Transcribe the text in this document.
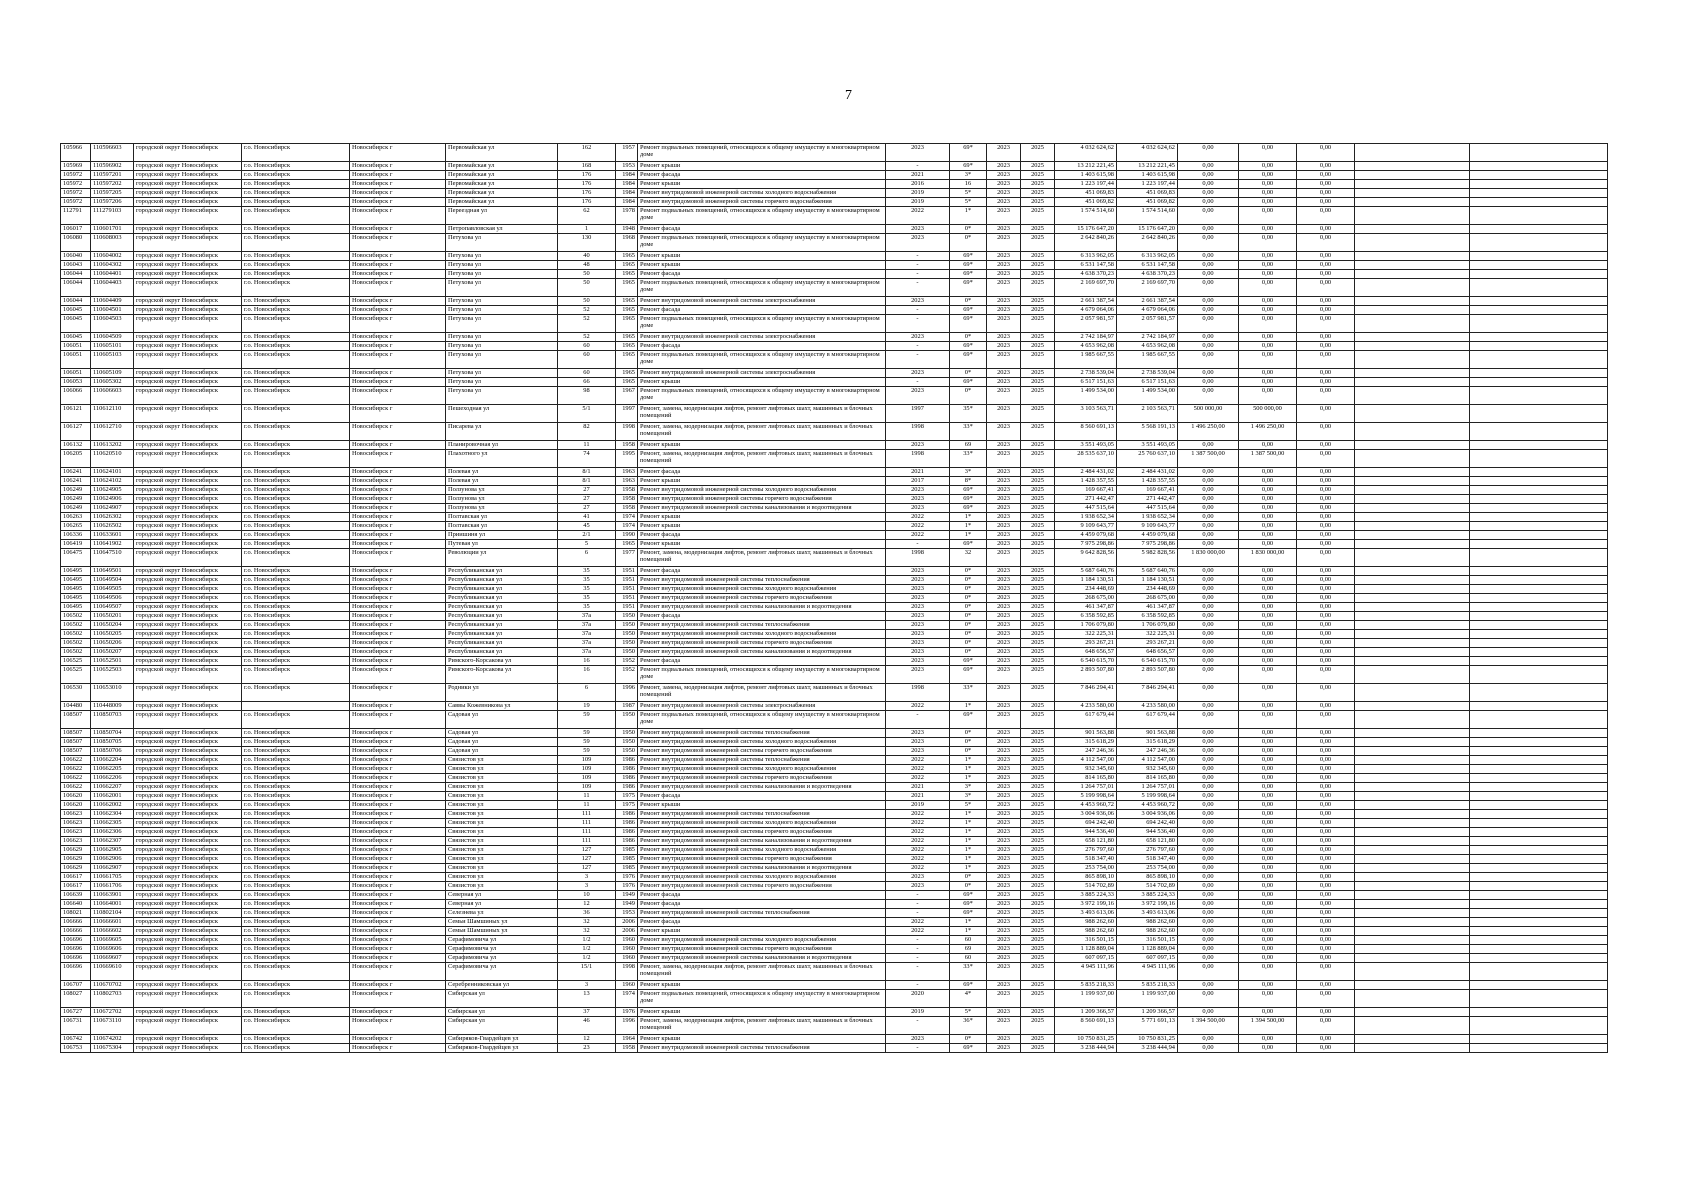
7
105966	110596603	городской округ Новосибирск	г.о. Новосибирск	Новосибирск г	Первомайская ул	162	1957	Ремонт подвальных помещений, относящихся к общему имуществу в многоквартирном доме	2023	69*	2023	2025	4 032 624,62	4 032 624,62	0,00	0,00	0,00		
105969	110596902	городской округ Новосибирск	г.о. Новосибирск	Новосибирск г	Первомайская ул	168	1953	Ремонт крыши	-	69*	2023	2025	13 212 221,45	13 212 221,45	0,00	0,00	0,00		
105972	110597201	городской округ Новосибирск	г.о. Новосибирск	Новосибирск г	Первомайская ул	176	1984	Ремонт фасада	2021	3*	2023	2025	1 403 615,98	1 403 615,98	0,00	0,00	0,00		
105972	110597202	городской округ Новосибирск	г.о. Новосибирск	Новосибирск г	Первомайская ул	176	1984	Ремонт крыши	2016	16	2023	2025	1 223 197,44	1 223 197,44	0,00	0,00	0,00		
105972	110597205	городской округ Новосибирск	г.о. Новосибирск	Новосибирск г	Первомайская ул	176	1984	Ремонт внутридомовой инженерной системы холодного водоснабжения	2019	5*	2023	2025	451 069,83	451 069,83	0,00	0,00	0,00		
105972	110597206	городской округ Новосибирск	г.о. Новосибирск	Новосибирск г	Первомайская ул	176	1984	Ремонт внутридомовой инженерной системы горячего водоснабжения	2019	5*	2023	2025	451 069,82	451 069,82	0,00	0,00	0,00		
112791	111279103	городской округ Новосибирск	г.о. Новосибирск	Новосибирск г	Переездная ул	62	1978	Ремонт подвальных помещений, относящихся к общему имуществу в многоквартирном доме	2022	1*	2023	2025	1 574 514,60	1 574 514,60	0,00	0,00	0,00		
106017	110601701	городской округ Новосибирск	г.о. Новосибирск	Новосибирск г	Петропавловская ул	1	1948	Ремонт фасада	2023	0*	2023	2025	15 176 647,20	15 176 647,20	0,00	0,00	0,00		
106080	110608003	городской округ Новосибирск	г.о. Новосибирск	Новосибирск г	Петухова ул	130	1968	Ремонт подвальных помещений, относящихся к общему имуществу в многоквартирном доме	2023	0*	2023	2025	2 642 840,26	2 642 840,26	0,00	0,00	0,00		
106040	110604002	городской округ Новосибирск	г.о. Новосибирск	Новосибирск г	Петухова ул	40	1965	Ремонт крыши	-	69*	2023	2025	6 313 962,05	6 313 962,05	0,00	0,00	0,00		
106043	110604302	городской округ Новосибирск	г.о. Новосибирск	Новосибирск г	Петухова ул	48	1965	Ремонт крыши	-	69*	2023	2025	6 531 147,58	6 531 147,58	0,00	0,00	0,00		
106044	110604401	городской округ Новосибирск	г.о. Новосибирск	Новосибирск г	Петухова ул	50	1965	Ремонт фасада	-	69*	2023	2025	4 638 370,23	4 638 370,23	0,00	0,00	0,00		
106044	110604403	городской округ Новосибирск	г.о. Новосибирск	Новосибирск г	Петухова ул	50	1965	Ремонт подвальных помещений, относящихся к общему имуществу в многоквартирном доме	-	69*	2023	2025	2 169 697,70	2 169 697,70	0,00	0,00	0,00		
106044	110604409	городской округ Новосибирск	г.о. Новосибирск	Новосибирск г	Петухова ул	50	1965	Ремонт внутридомовой инженерной системы электроснабжения	2023	0*	2023	2025	2 661 387,54	2 661 387,54	0,00	0,00	0,00		
106045	110604501	городской округ Новосибирск	г.о. Новосибирск	Новосибирск г	Петухова ул	52	1965	Ремонт фасада	-	69*	2023	2025	4 679 064,06	4 679 064,06	0,00	0,00	0,00		
106045	110604503	городской округ Новосибирск	г.о. Новосибирск	Новосибирск г	Петухова ул	52	1965	Ремонт подвальных помещений, относящихся к общему имуществу в многоквартирном доме	-	69*	2023	2025	2 057 981,57	2 057 981,57	0,00	0,00	0,00		
106045	110604509	городской округ Новосибирск	г.о. Новосибирск	Новосибирск г	Петухова ул	52	1965	Ремонт внутридомовой инженерной системы электроснабжения	2023	0*	2023	2025	2 742 184,97	2 742 184,97	0,00	0,00	0,00		
106051	110605101	городской округ Новосибирск	г.о. Новосибирск	Новосибирск г	Петухова ул	60	1965	Ремонт фасада	-	69*	2023	2025	4 653 962,08	4 653 962,08	0,00	0,00	0,00		
106051	110605103	городской округ Новосибирск	г.о. Новосибирск	Новосибирск г	Петухова ул	60	1965	Ремонт подвальных помещений, относящихся к общему имуществу в многоквартирном доме	-	69*	2023	2025	1 985 667,55	1 985 667,55	0,00	0,00	0,00		
106051	110605109	городской округ Новосибирск	г.о. Новосибирск	Новосибирск г	Петухова ул	60	1965	Ремонт внутридомовой инженерной системы электроснабжения	2023	0*	2023	2025	2 738 539,04	2 738 539,04	0,00	0,00	0,00		
106053	110605302	городской округ Новосибирск	г.о. Новосибирск	Новосибирск г	Петухова ул	66	1965	Ремонт крыши	-	69*	2023	2025	6 517 151,63	6 517 151,63	0,00	0,00	0,00		
106066	110606603	городской округ Новосибирск	г.о. Новосибирск	Новосибирск г	Петухова ул	98	1967	Ремонт подвальных помещений, относящихся к общему имуществу в многоквартирном доме	2023	0*	2023	2025	1 499 534,00	1 499 534,00	0,00	0,00	0,00		
106121	110612110	городской округ Новосибирск	г.о. Новосибирск	Новосибирск г	Пешеходная ул	5/1	1997	Ремонт, замена, модернизация лифтов, ремонт лифтовых шахт, машинных и блочных помещений	1997	35*	2023	2025	3 103 563,71	2 103 563,71	500 000,00	500 000,00	0,00		
106127	110612710	городской округ Новосибирск	г.о. Новосибирск	Новосибирск г	Писарева ул	82	1998	Ремонт, замена, модернизация лифтов, ремонт лифтовых шахт, машинных и блочных помещений	1998	33*	2023	2025	8 560 691,13	5 568 191,13	1 496 250,00	1 496 250,00	0,00		
106132	110613202	городской округ Новосибирск	г.о. Новосибирск	Новосибирск г	Планировочная ул	11	1958	Ремонт крыши	2023	69	2023	2025	3 551 493,05	3 551 493,05	0,00	0,00	0,00		
106205	110620510	городской округ Новосибирск	г.о. Новосибирск	Новосибирск г	Плахотного ул	74	1995	Ремонт, замена, модернизация лифтов, ремонт лифтовых шахт, машинных и блочных помещений	1998	33*	2023	2025	28 535 637,10	25 760 637,10	1 387 500,00	1 387 500,00	0,00		
106241	110624101	городской округ Новосибирск	г.о. Новосибирск	Новосибирск г	Полевая ул	8/1	1963	Ремонт фасада	2021	3*	2023	2025	2 484 431,02	2 484 431,02	0,00	0,00	0,00		
106241	110624102	городской округ Новосибирск	г.о. Новосибирск	Новосибирск г	Полевая ул	8/1	1963	Ремонт крыши	2017	8*	2023	2025	1 428 357,55	1 428 357,55	0,00	0,00	0,00		
106249	110624905	городской округ Новосибирск	г.о. Новосибирск	Новосибирск г	Ползунова ул	27	1958	Ремонт внутридомовой инженерной системы холодного водоснабжения	2023	69*	2023	2025	169 667,41	169 667,41	0,00	0,00	0,00		
106249	110624906	городской округ Новосибирск	г.о. Новосибирск	Новосибирск г	Ползунова ул	27	1958	Ремонт внутридомовой инженерной системы горячего водоснабжения	2023	69*	2023	2025	271 442,47	271 442,47	0,00	0,00	0,00		
106249	110624907	городской округ Новосибирск	г.о. Новосибирск	Новосибирск г	Ползунова ул	27	1958	Ремонт внутридомовой инженерной системы канализования и водоотведения	2023	69*	2023	2025	447 515,64	447 515,64	0,00	0,00	0,00		
106263	110626302	городской округ Новосибирск	г.о. Новосибирск	Новосибирск г	Полтавская ул	41	1974	Ремонт крыши	2022	1*	2023	2025	1 938 652,34	1 938 652,34	0,00	0,00	0,00		
106265	110626502	городской округ Новосибирск	г.о. Новосибирск	Новосибирск г	Полтавская ул	45	1974	Ремонт крыши	2022	1*	2023	2025	9 109 643,77	9 109 643,77	0,00	0,00	0,00		
106336	110633601	городской округ Новосибирск	г.о. Новосибирск	Новосибирск г	Приишиня ул	2/1	1990	Ремонт фасада	2022	1*	2023	2025	4 459 079,68	4 459 079,68	0,00	0,00	0,00		
106419	110641902	городской округ Новосибирск	г.о. Новосибирск	Новосибирск г	Путевая ул	5	1965	Ремонт крыши	-	69*	2023	2025	7 975 298,86	7 975 298,86	0,00	0,00	0,00		
106475	110647510	городской округ Новосибирск	г.о. Новосибирск	Новосибирск г	Революции ул	6	1977	Ремонт, замена, модернизация лифтов, ремонт лифтовых шахт, машинных и блочных помещений	1998	32	2023	2025	9 642 828,56	5 982 828,56	1 830 000,00	1 830 000,00	0,00		
106495	110649501	городской округ Новосибирск	г.о. Новосибирск	Новосибирск г	Республиканская ул	35	1951	Ремонт фасада	2023	0*	2023	2025	5 687 640,76	5 687 640,76	0,00	0,00	0,00		
106495	110649504	городской округ Новосибирск	г.о. Новосибирск	Новосибирск г	Республиканская ул	35	1951	Ремонт внутридомовой инженерной системы теплоснабжения	2023	0*	2023	2025	1 184 130,51	1 184 130,51	0,00	0,00	0,00		
106495	110649505	городской округ Новосибирск	г.о. Новосибирск	Новосибирск г	Республиканская ул	35	1951	Ремонт внутридомовой инженерной системы холодного водоснабжения	2023	0*	2023	2025	234 448,69	234 448,69	0,00	0,00	0,00		
106495	110649506	городской округ Новосибирск	г.о. Новосибирск	Новосибирск г	Республиканская ул	35	1951	Ремонт внутридомовой инженерной системы горячего водоснабжения	2023	0*	2023	2025	268 675,00	268 675,00	0,00	0,00	0,00		
106495	110649507	городской округ Новосибирск	г.о. Новосибирск	Новосибирск г	Республиканская ул	35	1951	Ремонт внутридомовой инженерной системы канализования и водоотведения	2023	0*	2023	2025	461 347,87	461 347,87	0,00	0,00	0,00		
106502	110650201	городской округ Новосибирск	г.о. Новосибирск	Новосибирск г	Республиканская ул	37а	1950	Ремонт фасада	2023	0*	2023	2025	6 358 592,85	6 358 592,85	0,00	0,00	0,00		
106502	110650204	городской округ Новосибирск	г.о. Новосибирск	Новосибирск г	Республиканская ул	37а	1950	Ремонт внутридомовой инженерной системы теплоснабжения	2023	0*	2023	2025	1 706 079,80	1 706 079,80	0,00	0,00	0,00		
106502	110650205	городской округ Новосибирск	г.о. Новосибирск	Новосибирск г	Республиканская ул	37а	1950	Ремонт внутридомовой инженерной системы холодного водоснабжения	2023	0*	2023	2025	322 225,31	322 225,31	0,00	0,00	0,00		
106502	110650206	городской округ Новосибирск	г.о. Новосибирск	Новосибирск г	Республиканская ул	37а	1950	Ремонт внутридомовой инженерной системы горячего водоснабжения	2023	0*	2023	2025	293 267,21	293 267,21	0,00	0,00	0,00		
106502	110650207	городской округ Новосибирск	г.о. Новосибирск	Новосибирск г	Республиканская ул	37а	1950	Ремонт внутридомовой инженерной системы канализования и водоотведения	2023	0*	2023	2025	648 656,57	648 656,57	0,00	0,00	0,00		
106525	110652501	городской округ Новосибирск	г.о. Новосибирск	Новосибирск г	Римского-Корсакова ул	16	1952	Ремонт фасада	2023	69*	2023	2025	6 540 615,70	6 540 615,70	0,00	0,00	0,00		
106525	110652503	городской округ Новосибирск	г.о. Новосибирск	Новосибирск г	Римского-Корсакова ул	16	1952	Ремонт подвальных помещений, относящихся к общему имуществу в многоквартирном доме	2023	69*	2023	2025	2 893 507,80	2 893 507,80	0,00	0,00	0,00		
106530	110653010	городской округ Новосибирск	г.о. Новосибирск	Новосибирск г	Родники ул	6	1996	Ремонт, замена, модернизация лифтов, ремонт лифтовых шахт, машинных и блочных помещений	1998	33*	2023	2025	7 846 294,41	7 846 294,41	0,00	0,00	0,00		
104480	110448009	городской округ Новосибирск		Новосибирск г	Саввы Кожевникова ул	19	1987	Ремонт внутридомовой инженерной системы электроснабжения	2022	1*	2023	2025	4 233 580,00	4 233 580,00	0,00	0,00	0,00		
108507	110850703	городской округ Новосибирск	г.о. Новосибирск	Новосибирск г	Садовая ул	59	1950	Ремонт подвальных помещений, относящихся к общему имуществу в многоквартирном доме	-	69*	2023	2025	617 679,44	617 679,44	0,00	0,00	0,00		
108507	110850704	городской округ Новосибирск	г.о. Новосибирск	Новосибирск г	Садовая ул	59	1950	Ремонт внутридомовой инженерной системы теплоснабжения	2023	0*	2023	2025	901 563,88	901 563,88	0,00	0,00	0,00		
108507	110850705	городской округ Новосибирск	г.о. Новосибирск	Новосибирск г	Садовая ул	59	1950	Ремонт внутридомовой инженерной системы холодного водоснабжения	2023	0*	2023	2025	315 618,29	315 618,29	0,00	0,00	0,00		
108507	110850706	городской округ Новосибирск	г.о. Новосибирск	Новосибирск г	Садовая ул	59	1950	Ремонт внутридомовой инженерной системы горячего водоснабжения	2023	0*	2023	2025	247 246,36	247 246,36	0,00	0,00	0,00		
106622	110662204	городской округ Новосибирск	г.о. Новосибирск	Новосибирск г	Связистов ул	109	1986	Ремонт внутридомовой инженерной системы теплоснабжения	2022	1*	2023	2025	4 112 547,00	4 112 547,00	0,00	0,00	0,00		
106622	110662205	городской округ Новосибирск	г.о. Новосибирск	Новосибирск г	Связистов ул	109	1986	Ремонт внутридомовой инженерной системы холодного водоснабжения	2022	1*	2023	2025	932 345,60	932 345,60	0,00	0,00	0,00		
106622	110662206	городской округ Новосибирск	г.о. Новосибирск	Новосибирск г	Связистов ул	109	1986	Ремонт внутридомовой инженерной системы горячего водоснабжения	2022	1*	2023	2025	814 165,80	814 165,80	0,00	0,00	0,00		
106622	110662207	городской округ Новосибирск	г.о. Новосибирск	Новосибирск г	Связистов ул	109	1986	Ремонт внутридомовой инженерной системы канализования и водоотведения	2021	3*	2023	2025	1 264 757,01	1 264 757,01	0,00	0,00	0,00		
106620	110662001	городской округ Новосибирск	г.о. Новосибирск	Новосибирск г	Связистов ул	11	1975	Ремонт фасада	2021	3*	2023	2025	5 199 998,64	5 199 998,64	0,00	0,00	0,00		
106620	110662002	городской округ Новосибирск	г.о. Новосибирск	Новосибирск г	Связистов ул	11	1975	Ремонт крыши	2019	5*	2023	2025	4 453 960,72	4 453 960,72	0,00	0,00	0,00		
106623	110662304	городской округ Новосибирск	г.о. Новосибирск	Новосибирск г	Связистов ул	111	1986	Ремонт внутридомовой инженерной системы теплоснабжения	2022	1*	2023	2025	3 004 936,06	3 004 936,06	0,00	0,00	0,00		
106623	110662305	городской округ Новосибирск	г.о. Новосибирск	Новосибирск г	Связистов ул	111	1986	Ремонт внутридомовой инженерной системы холодного водоснабжения	2022	1*	2023	2025	694 242,40	694 242,40	0,00	0,00	0,00		
106623	110662306	городской округ Новосибирск	г.о. Новосибирск	Новосибирск г	Связистов ул	111	1986	Ремонт внутридомовой инженерной системы горячего водоснабжения	2022	1*	2023	2025	944 536,40	944 536,40	0,00	0,00	0,00		
106623	110662307	городской округ Новосибирск	г.о. Новосибирск	Новосибирск г	Связистов ул	111	1986	Ремонт внутридомовой инженерной системы канализования и водоотведения	2022	1*	2023	2025	658 121,80	658 121,80	0,00	0,00	0,00		
106629	110662905	городской округ Новосибирск	г.о. Новосибирск	Новосибирск г	Связистов ул	127	1985	Ремонт внутридомовой инженерной системы холодного водоснабжения	2022	1*	2023	2025	276 797,60	276 797,60	0,00	0,00	0,00		
106629	110662906	городской округ Новосибирск	г.о. Новосибирск	Новосибирск г	Связистов ул	127	1985	Ремонт внутридомовой инженерной системы горячего водоснабжения	2022	1*	2023	2025	518 347,40	518 347,40	0,00	0,00	0,00		
106629	110662907	городской округ Новосибирск	г.о. Новосибирск	Новосибирск г	Связистов ул	127	1985	Ремонт внутридомовой инженерной системы канализования и водоотведения	2022	1*	2023	2025	253 754,00	253 754,00	0,00	0,00	0,00		
106617	110661705	городской округ Новосибирск	г.о. Новосибирск	Новосибирск г	Связистов ул	3	1976	Ремонт внутридомовой инженерной системы холодного водоснабжения	2023	0*	2023	2025	865 898,10	865 898,10	0,00	0,00	0,00		
106617	110661706	городской округ Новосибирск	г.о. Новосибирск	Новосибирск г	Связистов ул	3	1976	Ремонт внутридомовой инженерной системы горячего водоснабжения	2023	0*	2023	2025	514 702,89	514 702,89	0,00	0,00	0,00		
106639	110663901	городской округ Новосибирск	г.о. Новосибирск	Новосибирск г	Северная ул	10	1949	Ремонт фасада	-	69*	2023	2025	3 885 224,33	3 885 224,33	0,00	0,00	0,00		
106640	110664001	городской округ Новосибирск	г.о. Новосибирск	Новосибирск г	Северная ул	12	1949	Ремонт фасада	-	69*	2023	2025	3 972 199,16	3 972 199,16	0,00	0,00	0,00		
108021	110802104	городской округ Новосибирск	г.о. Новосибирск	Новосибирск г	Селезнева ул	36	1953	Ремонт внутридомовой инженерной системы теплоснабжения	-	69*	2023	2025	3 493 613,06	3 493 613,06	0,00	0,00	0,00		
106666	110666601	городской округ Новосибирск	г.о. Новосибирск	Новосибирск г	Семьи Шамшиных ул	32	2006	Ремонт фасада	2022	1*	2023	2025	988 262,60	988 262,60	0,00	0,00	0,00		
106666	110666602	городской округ Новосибирск	г.о. Новосибирск	Новосибирск г	Семьи Шамшиных ул	32	2006	Ремонт крыши	2022	1*	2023	2025	988 262,60	988 262,60	0,00	0,00	0,00		
106696	110669605	городской округ Новосибирск	г.о. Новосибирск	Новосибирск г	Серафимовича ул	1/2	1960	Ремонт внутридомовой инженерной системы холодного водоснабжения	-	60	2023	2025	316 501,15	316 501,15	0,00	0,00	0,00		
106696	110669606	городской округ Новосибирск	г.о. Новосибирск	Новосибирск г	Серафимовича ул	1/2	1960	Ремонт внутридомовой инженерной системы горячего водоснабжения	-	69	2023	2025	1 128 889,04	1 128 889,04	0,00	0,00	0,00		
106696	110669607	городской округ Новосибирск	г.о. Новосибирск	Новосибирск г	Серафимовича ул	1/2	1960	Ремонт внутридомовой инженерной системы канализования и водоотведения	-	60	2023	2025	607 097,15	607 097,15	0,00	0,00	0,00		
106696	110669610	городской округ Новосибирск	г.о. Новосибирск	Новосибирск г	Серафимовича ул	15/1	1998	Ремонт, замена, модернизация лифтов, ремонт лифтовых шахт, машинных и блочных помещений	-	33*	2023	2025	4 945 111,96	4 945 111,96	0,00	0,00	0,00		
106707	110670702	городской округ Новосибирск	г.о. Новосибирск	Новосибирск г	Серебренниковская ул	3	1960	Ремонт крыши	-	69*	2023	2025	5 835 218,33	5 835 218,33	0,00	0,00	0,00		
108027	110802703	городской округ Новосибирск	г.о. Новосибирск	Новосибирск г	Сибирская ул	13	1974	Ремонт подвальных помещений, относящихся к общему имуществу в многоквартирном доме	2020	4*	2023	2025	1 199 937,00	1 199 937,00	0,00	0,00	0,00		
106727	110672702	городской округ Новосибирск	г.о. Новосибирск	Новосибирск г	Сибирская ул	37	1976	Ремонт крыши	2019	5*	2023	2025	1 209 366,57	1 209 366,57	0,00	0,00	0,00		
106731	110673110	городской округ Новосибирск	г.о. Новосибирск	Новосибирск г	Сибирская ул	46	1996	Ремонт, замена, модернизация лифтов, ремонт лифтовых шахт, машинных и блочных помещений	-	36*	2023	2025	8 560 691,13	5 771 691,13	1 394 500,00	1 394 500,00	0,00		
106742	110674202	городской округ Новосибирск	г.о. Новосибирск	Новосибирск г	Сибиряков-Гвардейцев ул	12	1964	Ремонт крыши	2023	0*	2023	2025	10 750 831,25	10 750 831,25	0,00	0,00	0,00		
106753	110675304	городской округ Новосибирск	г.о. Новосибирск	Новосибирск г	Сибиряков-Гвардейцев ул	23	1958	Ремонт внутридомовой инженерной системы теплоснабжения	-	69*	2023	2025	3 238 444,94	3 238 444,94	0,00	0,00	0,00		
